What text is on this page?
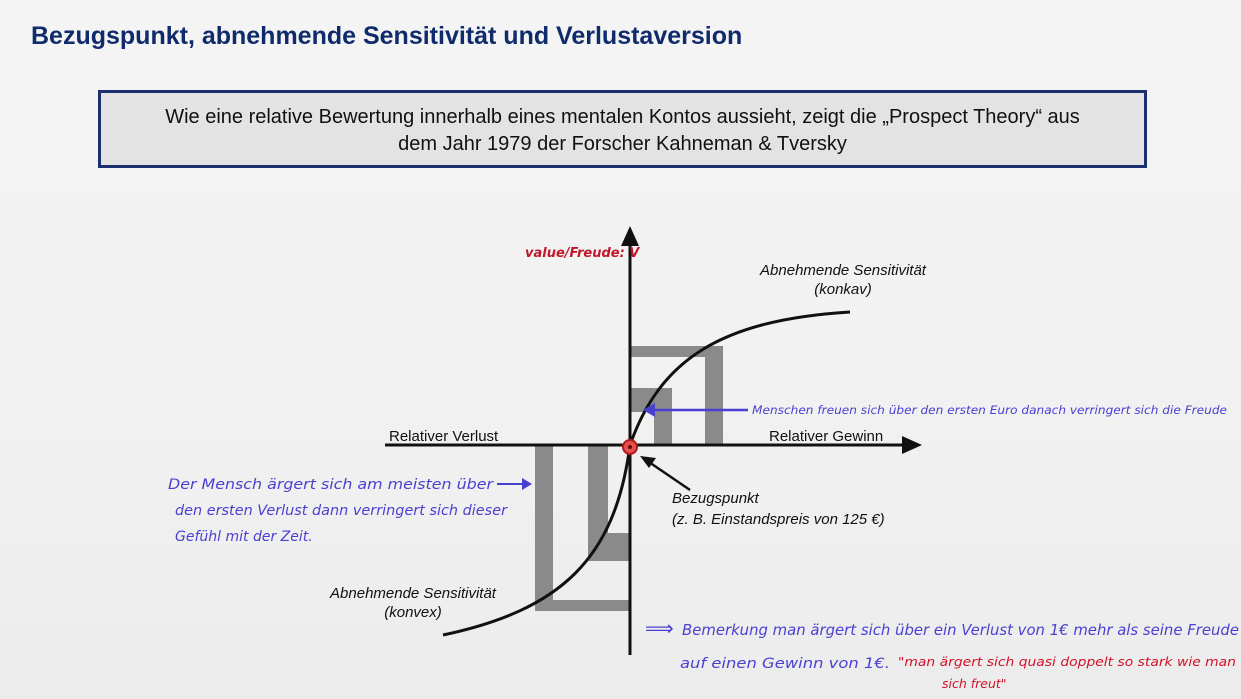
Bezugspunkt, abnehmende Sensitivität und Verlustaversion
Wie eine relative Bewertung innerhalb eines mentalen Kontos aussieht, zeigt die „Prospect Theory“ aus
dem Jahr 1979 der Forscher Kahneman & Tversky
value/Freude: V
Relativer Verlust	Relativer Gewinn
Abnehmende Sensitivität
(konkav)
Abnehmende Sensitivität
(konvex)
Bezugspunkt
(z. B. Einstandspreis von 125 €)
Menschen freuen sich über den ersten Euro danach verringert sich die Freude
Der Mensch ärgert sich am meisten über
den ersten Verlust dann verringert sich dieser
Gefühl mit der Zeit.
⟹ Bemerkung man ärgert sich über ein Verlust von 1€ mehr als seine Freude
auf einen Gewinn von 1€. "man ärgert sich quasi doppelt so stark wie man
sich freut"
